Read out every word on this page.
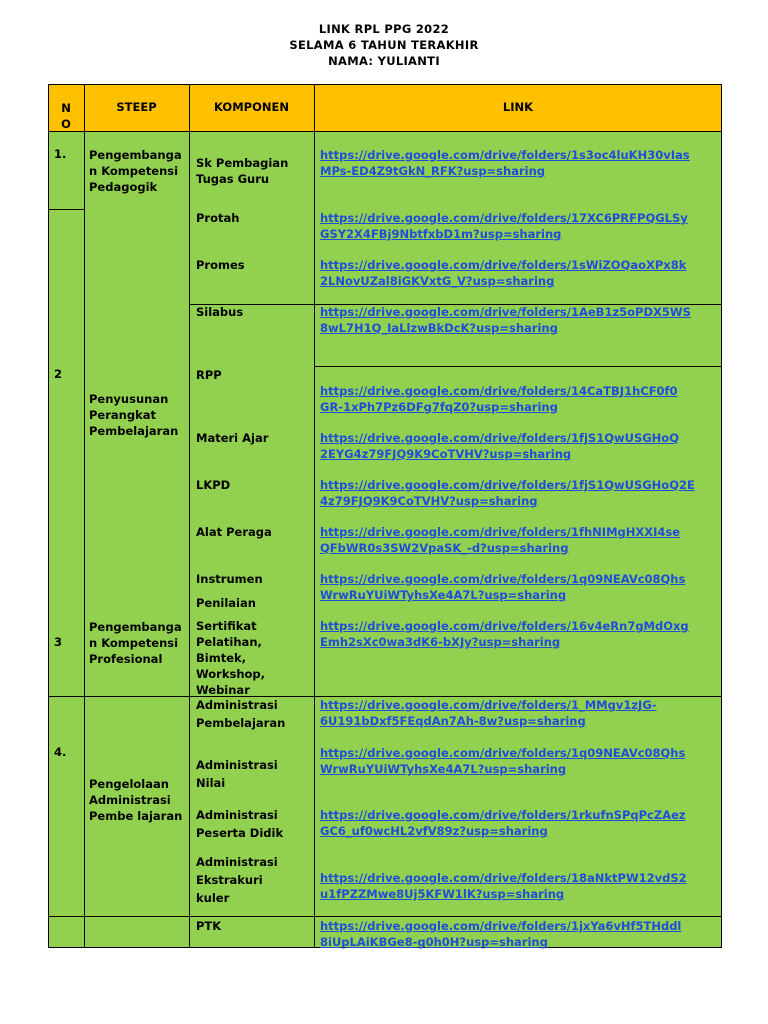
LINK RPL PPG 2022
SELAMA 6 TAHUN TERAKHIR
NAMA: YULIANTI
N
O
STEEP	KOMPONEN	LINK
1.
2
3
4.
Pengembanga n Kompetensi Pedagogik
Penyusunan Perangkat Pembelajaran
Pengembanga n Kompetensi Profesional
Pengelolaan Administrasi Pembe lajaran
Sk Pembagian Tugas Guru
Protah
Promes
Silabus
RPP
Materi Ajar
LKPD
Alat Peraga
Instrumen
Penilaian
Sertifikat Pelatihan, Bimtek, Workshop, Webinar
Administrasi
Pembelajaran
Administrasi
Nilai
Administrasi
Peserta Didik
Administrasi
Ekstrakuri
kuler
PTK
https://drive.google.com/drive/folders/1s3oc4luKH30vIas
MPs-ED4Z9tGkN_RFK?usp=sharing
https://drive.google.com/drive/folders/17XC6PRFPQGLSy
GSY2X4FBj9NbtfxbD1m?usp=sharing
https://drive.google.com/drive/folders/1sWiZOQaoXPx8k
2LNovUZal8iGKVxtG_V?usp=sharing
https://drive.google.com/drive/folders/1AeB1z5oPDX5WS
8wL7H1Q_IaLlzwBkDcK?usp=sharing
https://drive.google.com/drive/folders/14CaTBJ1hCF0f0
GR-1xPh7Pz6DFg7fqZ0?usp=sharing
https://drive.google.com/drive/folders/1fjS1QwUSGHoQ
2EYG4z79FJQ9K9CoTVHV?usp=sharing
https://drive.google.com/drive/folders/1fjS1QwUSGHoQ2E
4z79FJQ9K9CoTVHV?usp=sharing
https://drive.google.com/drive/folders/1fhNIMgHXXI4se
QFbWR0s3SW2VpaSK_-d?usp=sharing
https://drive.google.com/drive/folders/1q09NEAVc08Qhs
WrwRuYUiWTyhsXe4A7L?usp=sharing
https://drive.google.com/drive/folders/16v4eRn7gMdOxg
Emh2sXc0wa3dK6-bXJy?usp=sharing
https://drive.google.com/drive/folders/1_MMgv1zJG-
6U191bDxf5FEqdAn7Ah-8w?usp=sharing
https://drive.google.com/drive/folders/1q09NEAVc08Qhs
WrwRuYUiWTyhsXe4A7L?usp=sharing
https://drive.google.com/drive/folders/1rkufnSPqPcZAez
GC6_uf0wcHL2vfV89z?usp=sharing
https://drive.google.com/drive/folders/18aNktPW12vdS2
u1fPZZMwe8Uj5KFW1lK?usp=sharing
https://drive.google.com/drive/folders/1jxYa6vHf5THddl
8iUpLAiKBGe8-g0h0H?usp=sharing
